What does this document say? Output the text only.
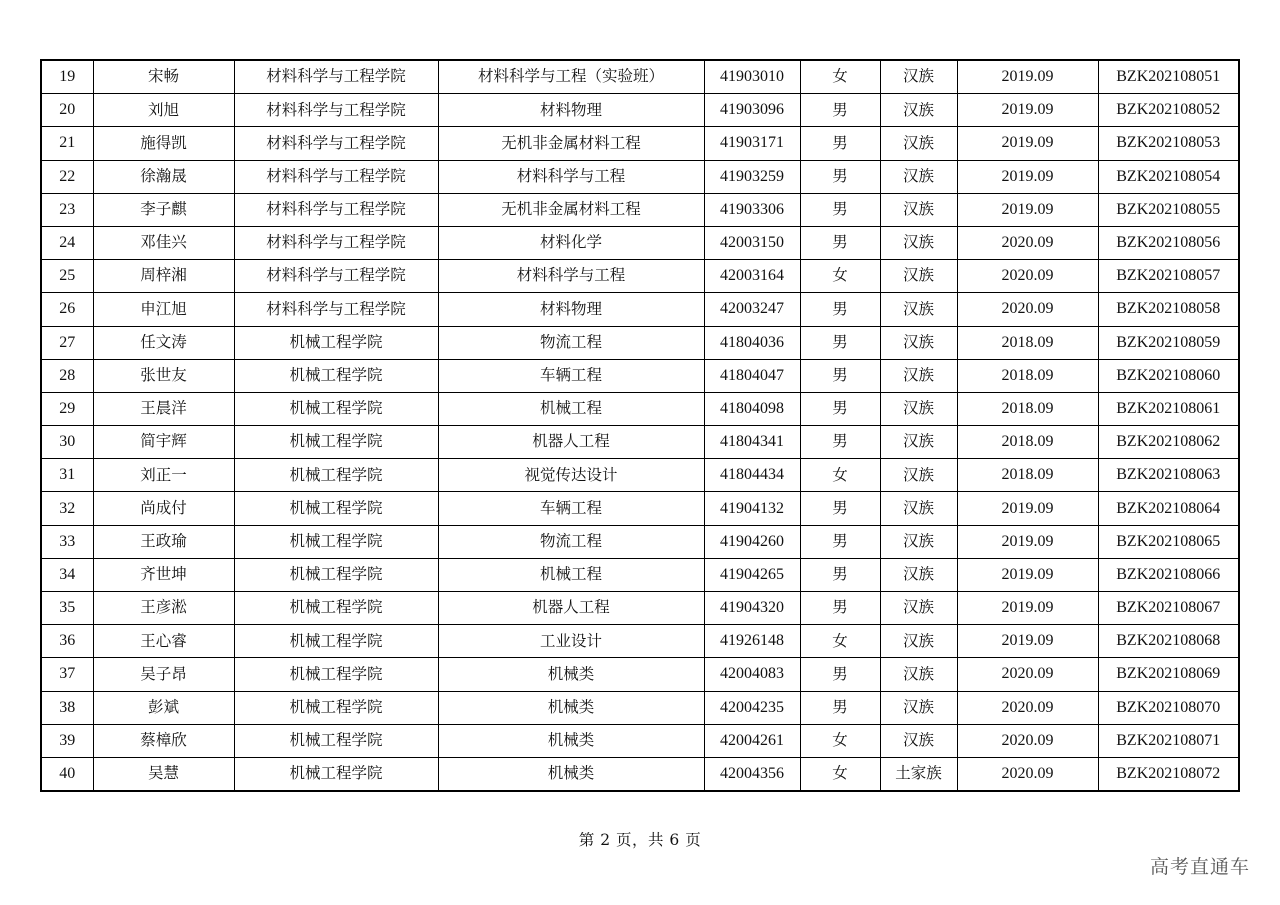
19	宋畅	材料科学与工程学院	材料科学与工程（实验班）	41903010	女	汉族	2019.09	BZK202108051
20	刘旭	材料科学与工程学院	材料物理	41903096	男	汉族	2019.09	BZK202108052
21	施得凯	材料科学与工程学院	无机非金属材料工程	41903171	男	汉族	2019.09	BZK202108053
22	徐瀚晟	材料科学与工程学院	材料科学与工程	41903259	男	汉族	2019.09	BZK202108054
23	李子麒	材料科学与工程学院	无机非金属材料工程	41903306	男	汉族	2019.09	BZK202108055
24	邓佳兴	材料科学与工程学院	材料化学	42003150	男	汉族	2020.09	BZK202108056
25	周梓湘	材料科学与工程学院	材料科学与工程	42003164	女	汉族	2020.09	BZK202108057
26	申江旭	材料科学与工程学院	材料物理	42003247	男	汉族	2020.09	BZK202108058
27	任文涛	机械工程学院	物流工程	41804036	男	汉族	2018.09	BZK202108059
28	张世友	机械工程学院	车辆工程	41804047	男	汉族	2018.09	BZK202108060
29	王晨洋	机械工程学院	机械工程	41804098	男	汉族	2018.09	BZK202108061
30	简宇辉	机械工程学院	机器人工程	41804341	男	汉族	2018.09	BZK202108062
31	刘正一	机械工程学院	视觉传达设计	41804434	女	汉族	2018.09	BZK202108063
32	尚成付	机械工程学院	车辆工程	41904132	男	汉族	2019.09	BZK202108064
33	王政瑜	机械工程学院	物流工程	41904260	男	汉族	2019.09	BZK202108065
34	齐世坤	机械工程学院	机械工程	41904265	男	汉族	2019.09	BZK202108066
35	王彦淞	机械工程学院	机器人工程	41904320	男	汉族	2019.09	BZK202108067
36	王心睿	机械工程学院	工业设计	41926148	女	汉族	2019.09	BZK202108068
37	吴子昂	机械工程学院	机械类	42004083	男	汉族	2020.09	BZK202108069
38	彭斌	机械工程学院	机械类	42004235	男	汉族	2020.09	BZK202108070
39	蔡樟欣	机械工程学院	机械类	42004261	女	汉族	2020.09	BZK202108071
40	吴慧	机械工程学院	机械类	42004356	女	土家族	2020.09	BZK202108072
第 2 页，共 6 页
高考直通车
